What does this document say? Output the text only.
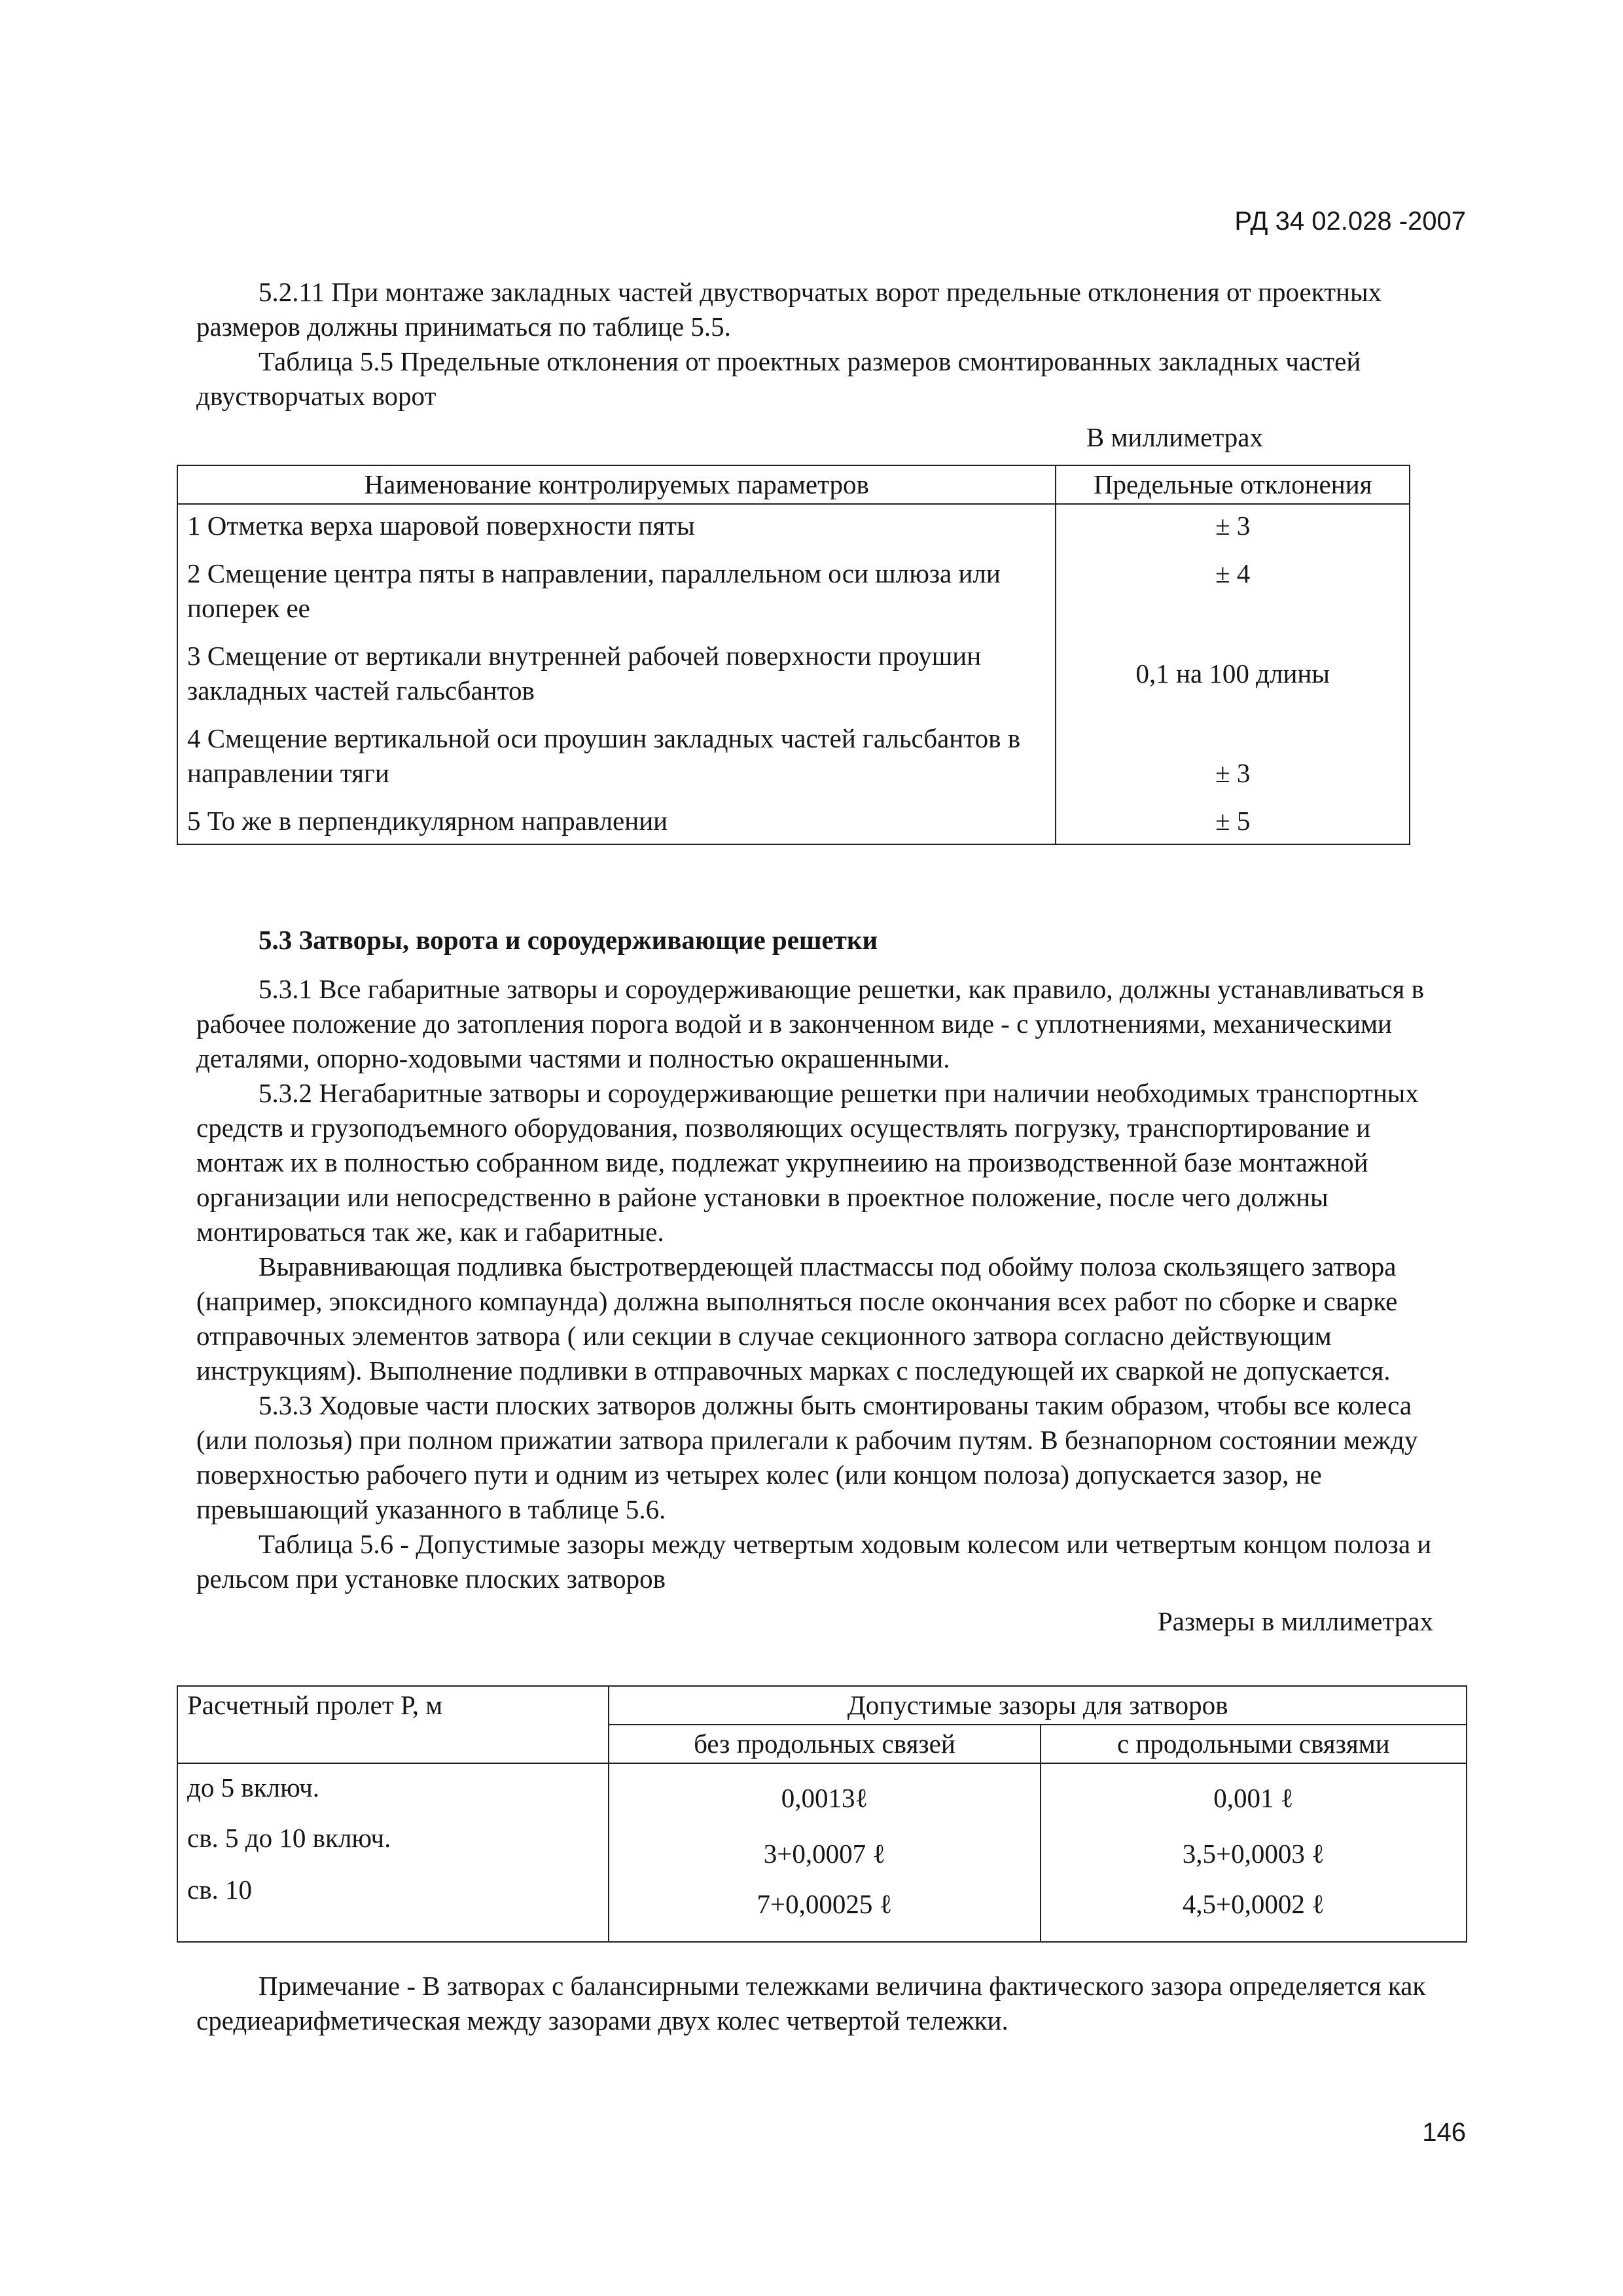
РД 34 02.028 -2007

5.2.11 При монтаже закладных частей двустворчатых ворот предельные отклонения от проектных размеров должны приниматься по таблице 5.5.

Таблица 5.5 Предельные отклонения от проектных размеров смонтированных закладных частей двустворчатых ворот

В миллиметрах

Наименование контролируемых параметров	Предельные отклонения
1 Отметка верха шаровой поверхности пяты	± 3
2 Смещение центра пяты в направлении, параллельном оси шлюза или поперек ее	± 4
3 Смещение от вертикали внутренней рабочей поверхности проушин закладных частей гальсбантов	0,1 на 100 длины
4 Смещение вертикальной оси проушин закладных частей гальсбантов в направлении тяги	± 3
5 То же в перпендикулярном направлении	± 5
5.3 Затворы, ворота и сороудерживающие решетки

5.3.1 Все габаритные затворы и сороудерживающие решетки, как правило, должны устанавливаться в рабочее положение до затопления порога водой и в законченном виде - с уплотнениями, механическими деталями, опорно-ходовыми частями и полностью окрашенными.

5.3.2 Негабаритные затворы и сороудерживающие решетки при наличии необходимых транспортных средств и грузоподъемного оборудования, позволяющих осуществлять погрузку, транспортирование и монтаж их в полностью собранном виде, подлежат укрупнеиию на производственной базе монтажной организации или непосредственно в районе установки в проектное положение, после чего должны монтироваться так же, как и габаритные.

Выравнивающая подливка быстротвердеющей пластмассы под обойму полоза скользящего затвора (например, эпоксидного компаунда) должна выполняться после окончания всех работ по сборке и сварке отправочных элементов затвора ( или секции в случае секционного затвора согласно действующим инструкциям). Выполнение подливки в отправочных марках с последующей их сваркой не допускается.

5.3.3 Ходовые части плоских затворов должны быть смонтированы таким образом, чтобы все колеса (или полозья) при полном прижатии затвора прилегали к рабочим путям. В безнапорном состоянии между поверхностью рабочего пути и одним из четырех колес (или концом полоза) допускается зазор, не превышающий указанного в таблице 5.6.

Таблица 5.6 - Допустимые зазоры между четвертым ходовым колесом или четвертым концом полоза и рельсом при установке плоских затворов

Размеры в миллиметрах

Расчетный пролет Р, м	Допустимые зазоры для затворов	
	без продольных связей	с продольными связями
до 5 включ.	0,0013ℓ	0,001 ℓ
св. 5 до 10 включ.	3+0,0007 ℓ	3,5+0,0003 ℓ
св. 10	7+0,00025 ℓ	4,5+0,0002 ℓ

Примечание - В затворах с балансирными тележками величина фактического зазора определяется как средиеарифметическая между зазорами двух колес четвертой тележки.

146
